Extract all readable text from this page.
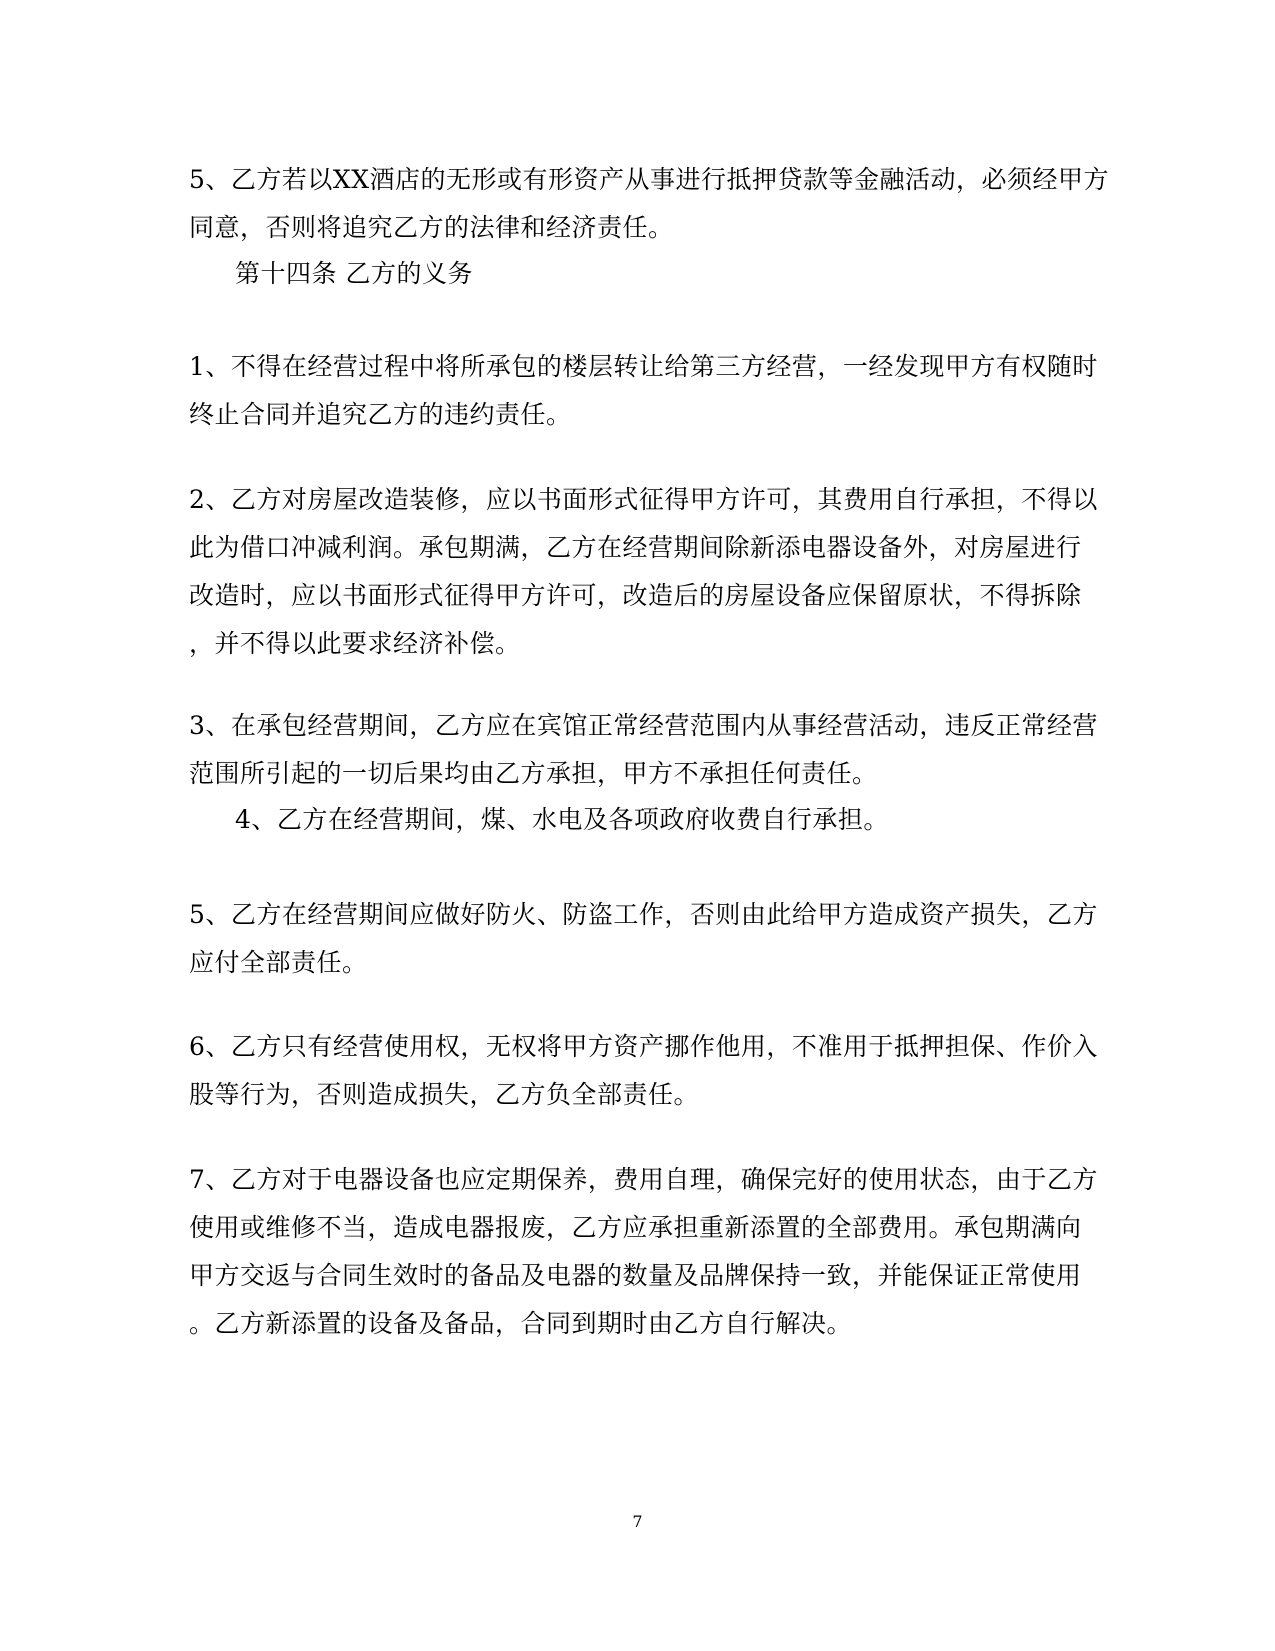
5、乙方若以XX酒店的无形或有形资产从事进行抵押贷款等金融活动，必须经甲方
同意，否则将追究乙方的法律和经济责任。
第十四条 乙方的义务
1、不得在经营过程中将所承包的楼层转让给第三方经营，一经发现甲方有权随时
终止合同并追究乙方的违约责任。
2、乙方对房屋改造装修，应以书面形式征得甲方许可，其费用自行承担，不得以
此为借口冲减利润。承包期满，乙方在经营期间除新添电器设备外，对房屋进行
改造时，应以书面形式征得甲方许可，改造后的房屋设备应保留原状，不得拆除
，并不得以此要求经济补偿。
3、在承包经营期间，乙方应在宾馆正常经营范围内从事经营活动，违反正常经营
范围所引起的一切后果均由乙方承担，甲方不承担任何责任。
4、乙方在经营期间，煤、水电及各项政府收费自行承担。
5、乙方在经营期间应做好防火、防盗工作，否则由此给甲方造成资产损失，乙方
应付全部责任。
6、乙方只有经营使用权，无权将甲方资产挪作他用，不准用于抵押担保、作价入
股等行为，否则造成损失，乙方负全部责任。
7、乙方对于电器设备也应定期保养，费用自理，确保完好的使用状态，由于乙方
使用或维修不当，造成电器报废，乙方应承担重新添置的全部费用。承包期满向
甲方交返与合同生效时的备品及电器的数量及品牌保持一致，并能保证正常使用
。乙方新添置的设备及备品，合同到期时由乙方自行解决。
7
